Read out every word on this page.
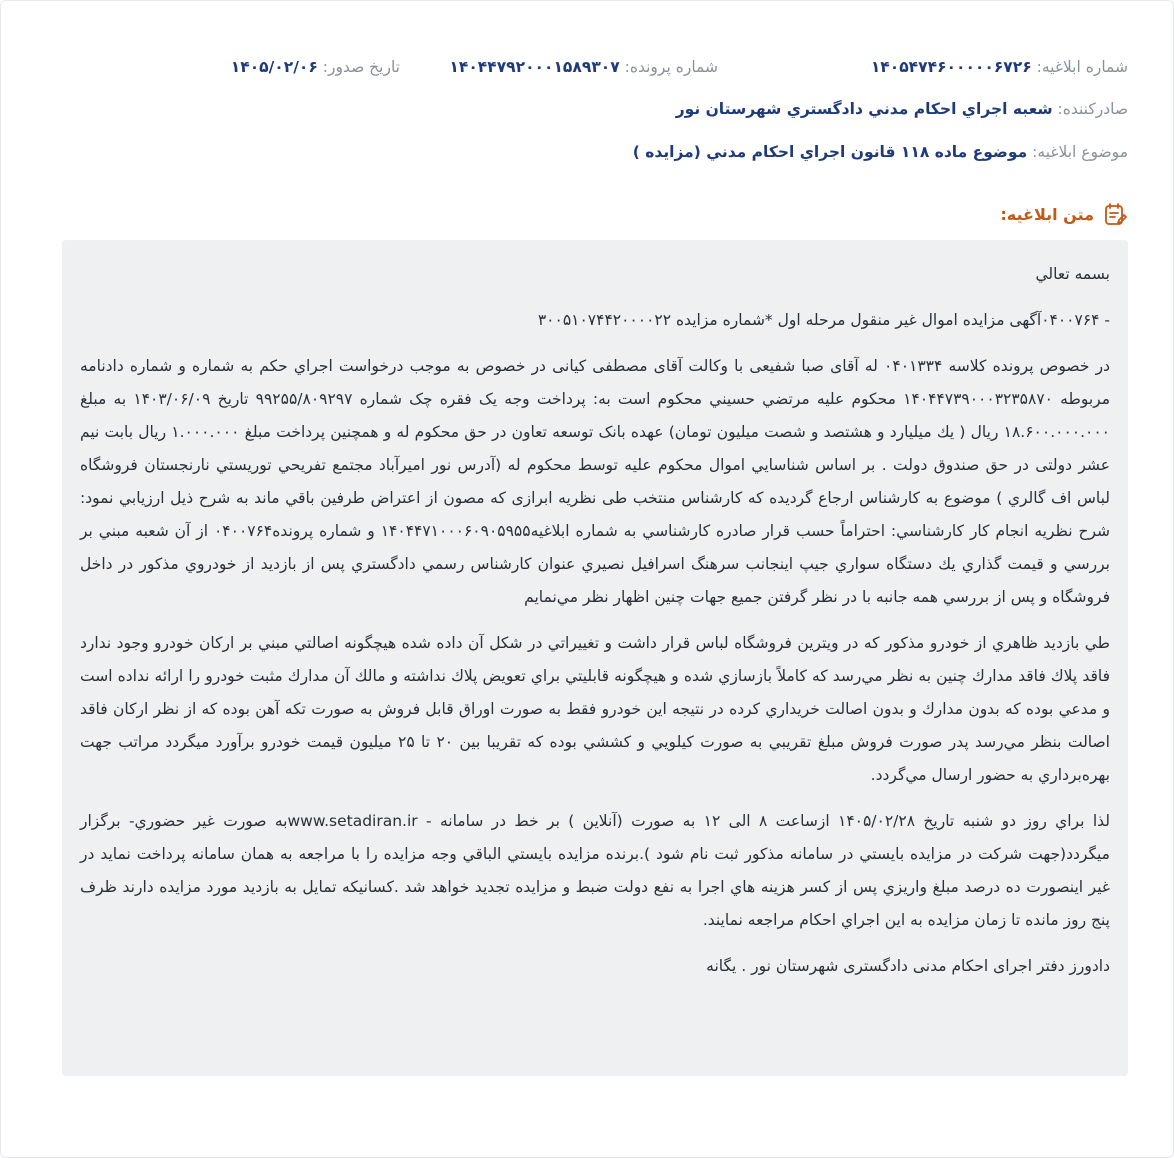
شماره ابلاغيه: ۱۴۰۵۴۷۴۶۰۰۰۰۰۶۷۲۶
شماره پرونده: ۱۴۰۴۴۷۹۲۰۰۰۱۵۸۹۳۰۷
تاريخ صدور: ۱۴۰۵/۰۲/۰۶
صادرکننده: شعبه اجراي احکام مدني دادگستري شهرستان نور
موضوع ابلاغيه: موضوع ماده ۱۱۸ قانون اجراي احکام مدني (مزايده )
متن ابلاغيه:

بسمه تعالي

- ۰۴۰۰۷۶۴آگهی مزایده اموال غیر منقول مرحله اول *شماره مزایده ۳۰۰۵۱۰۷۴۴۲۰۰۰۰۲۲

در خصوص پرونده کلاسه ۰۴۰۱۳۳۴ له آقای صبا شفیعی با وکالت آقای مصطفی کیانی در خصوص به موجب درخواست اجراي حکم به شماره و شماره دادنامه مربوطه ۱۴۰۴۴۷۳۹۰۰۰۳۲۳۵۸۷۰ محکوم عليه مرتضي حسيني محکوم است به: پرداخت وجه یک فقره چک شماره ۹۹۲۵۵/۸۰۹۲۹۷ تاریخ ۱۴۰۳/۰۶/۰۹ به مبلغ ۱۸.۶۰۰.۰۰۰.۰۰۰ ریال ( يك ميليارد و هشتصد و شصت ميليون تومان) عهده بانک توسعه تعاون در حق محکوم له و همچنین پرداخت مبلغ ۱.۰۰۰.۰۰۰ ریال بابت نیم عشر دولتی در حق صندوق دولت . بر اساس شناسايي اموال محکوم علیه توسط محکوم له (آدرس نور اميرآباد مجتمع تفريحي توريستي نارنجستان فروشگاه لباس اف گالري ) موضوع به کارشناس ارجاع گرديده که کارشناس منتخب طی نظریه ابرازی که مصون از اعتراض طرفين باقي ماند به شرح ذيل ارزيابي نمود: شرح نظريه انجام کار کارشناسي: احتراماً حسب قرار صادره کارشناسي به شماره ابلاغيه۱۴۰۴۴۷۱۰۰۰۶۰۹۰۵۹۵۵ و شماره پرونده۰۴۰۰۷۶۴ از آن شعبه مبني بر بررسي و قيمت گذاري يك دستگاه سواري جيپ اينجانب سرهنگ اسرافيل نصيري عنوان كارشناس رسمي دادگستري پس از بازديد از خودروي مذكور در داخل فروشگاه و پس از بررسي همه جانبه با در نظر گرفتن جميع جهات چنين اظهار نظر مي‌نمايم

طي بازديد ظاهري از خودرو مذكور كه در ويترين فروشگاه لباس قرار داشت و تغييراتي در شكل آن داده شده هيچگونه اصالتي مبني بر اركان خودرو وجود ندارد فاقد پلاك فاقد مدارك چنين به نظر مي‌رسد كه كاملاً بازسازي شده و هيچگونه قابليتي براي تعويض پلاك نداشته و مالك آن مدارك مثبت خودرو را ارائه نداده است و مدعي بوده كه بدون مدارك و بدون اصالت خريداري كرده در نتيجه اين خودرو فقط به صورت اوراق قابل فروش به صورت تكه آهن بوده كه از نظر اركان فاقد اصالت بنظر مي‌رسد پدر صورت فروش مبلغ تقريبي به صورت كيلويي و كششي بوده كه تقريبا بين ۲۰ تا ۲۵ ميليون قيمت خودرو برآورد ميگردد مراتب جهت بهره‌برداري به حضور ارسال مي‌گردد.

لذا براي روز دو شنبه تاریخ ۱۴۰۵/۰۲/۲۸ ازساعت ۸ الی ۱۲ به صورت (آنلاین ) بر خط در سامانه - www.setadiran.irبه صورت غیر حضوري- برگزار ميگردد(جهت شرکت در مزايده بايستي در سامانه مذکور ثبت نام شود ).برنده مزايده بايستي الباقي وجه مزايده را با مراجعه به همان سامانه پرداخت نمايد در غير اينصورت ده درصد مبلغ واريزي پس از کسر هزينه هاي اجرا به نفع دولت ضبط و مزايده تجديد خواهد شد .کسانيکه تمايل به بازديد مورد مزايده دارند ظرف پنج روز مانده تا زمان مزايده به اين اجراي احکام مراجعه نمايند.

دادورز دفتر اجرای احکام مدنی دادگستری شهرستان نور . یگانه
